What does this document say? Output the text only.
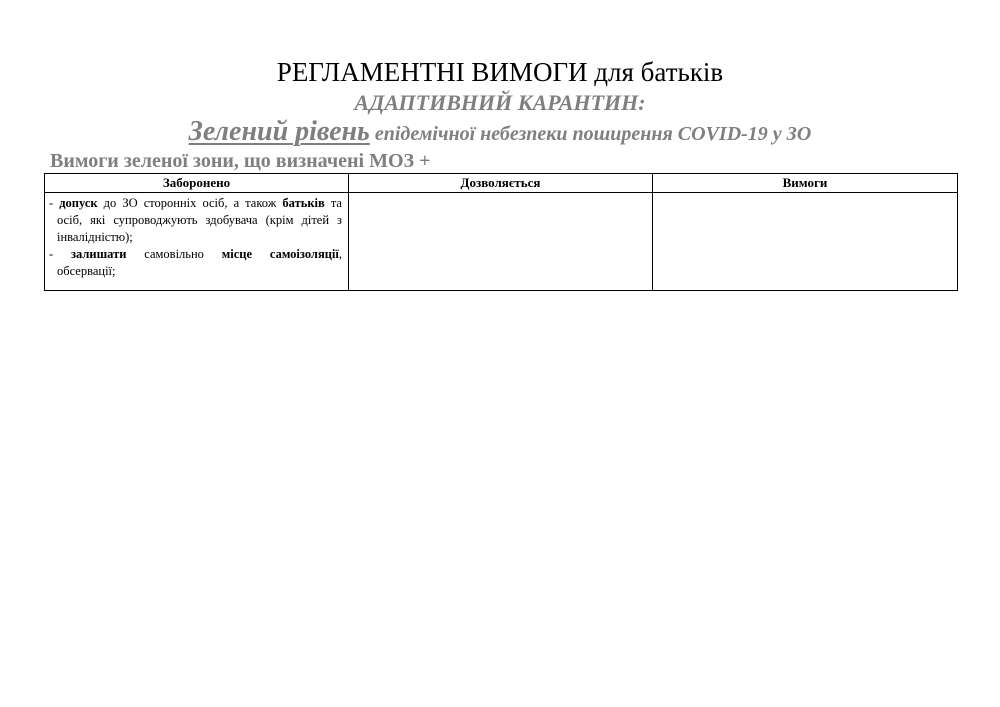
РЕГЛАМЕНТНІ ВИМОГИ для батьків
АДАПТИВНИЙ КАРАНТИН:
Зелений рівень епідемічної небезпеки поширення COVID-19 у ЗО
Вимоги зеленої зони, що визначені МОЗ +
Заборонено	Дозволяється	Вимоги

- допуск до ЗО сторонніх осіб, а також батьків та осіб, які супроводжують здобувача (крім дітей з інвалідністю);
- залишати самовільно місце самоізоляції, обсервації;		
